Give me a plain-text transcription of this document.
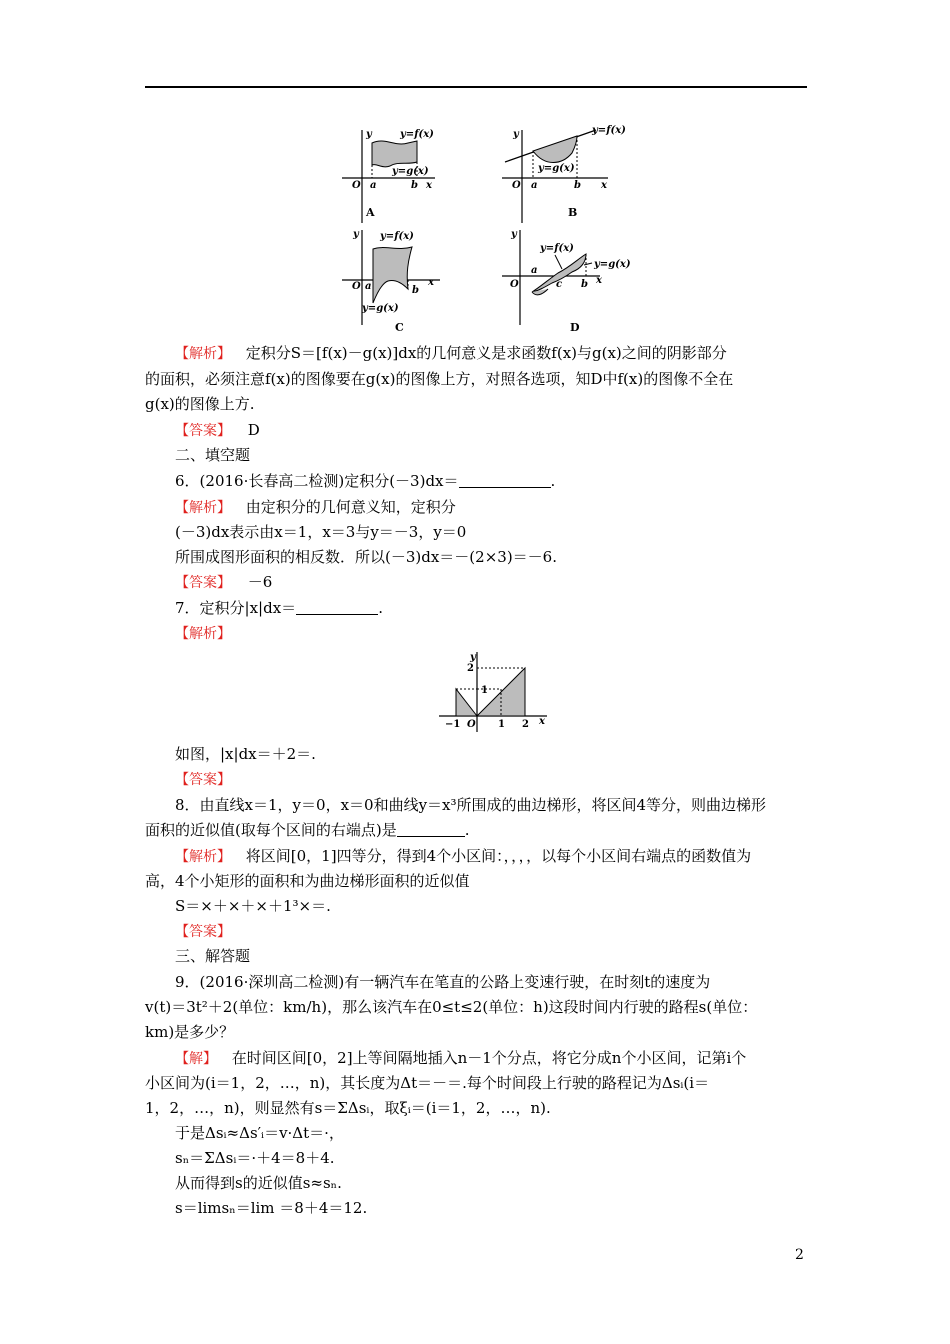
y	y=f(x)
y=g(x)
O a	b x
A
y	y=f(x)
y=g(x)
O a	b x
B
y y=f(x)
y=g(x)
O a	b
x
C
y
y=f(x)
y=g(x)
O
a
c b x
D
【解析】 定积分S＝[f(x)－g(x)]dx的几何意义是求函数f(x)与g(x)之间的阴影部分
的面积，必须注意f(x)的图像要在g(x)的图像上方，对照各选项，知D中f(x)的图像不全在
g(x)的图像上方.
【答案】 D
二、填空题
6．(2016·长春高二检测)定积分(－3)dx＝	.
【解析】 由定积分的几何意义知，定积分
(－3)dx表示由x＝1，x＝3与y＝－3，y＝0
所围成图形面积的相反数．所以(－3)dx＝－(2×3)＝－6.
【答案】 －6
7．定积分|x|dx＝	.
【解析】
y
2
1
−1 O 1 2 x
如图，|x|dx＝＋2＝.
【答案】
8．由直线x＝1，y＝0，x＝0和曲线y＝x³所围成的曲边梯形，将区间4等分，则曲边梯形
面积的近似值(取每个区间的右端点)是	.
【解析】 将区间[0，1]四等分，得到4个小区间：，，，，以每个小区间右端点的函数值为
高，4个小矩形的面积和为曲边梯形面积的近似值
S＝×＋×＋×＋1³×＝.
【答案】
三、解答题
9．(2016·深圳高二检测)有一辆汽车在笔直的公路上变速行驶，在时刻t的速度为
v(t)＝3t²＋2(单位：km/h)，那么该汽车在0≤t≤2(单位：h)这段时间内行驶的路程s(单位：
km)是多少？
【解】 在时间区间[0，2]上等间隔地插入n－1个分点，将它分成n个小区间，记第i个
小区间为(i＝1，2，…，n)，其长度为Δt＝－＝.每个时间段上行驶的路程记为Δsᵢ(i＝
1，2，…，n)，则显然有s＝ΣΔsᵢ，取ξᵢ＝(i＝1，2，…，n).
于是Δsᵢ≈Δs′ᵢ＝v·Δt＝·，
sₙ＝ΣΔsᵢ＝·＋4＝8＋4.
从而得到s的近似值s≈sₙ.
s＝limsₙ＝lim ＝8＋4＝12.
2
